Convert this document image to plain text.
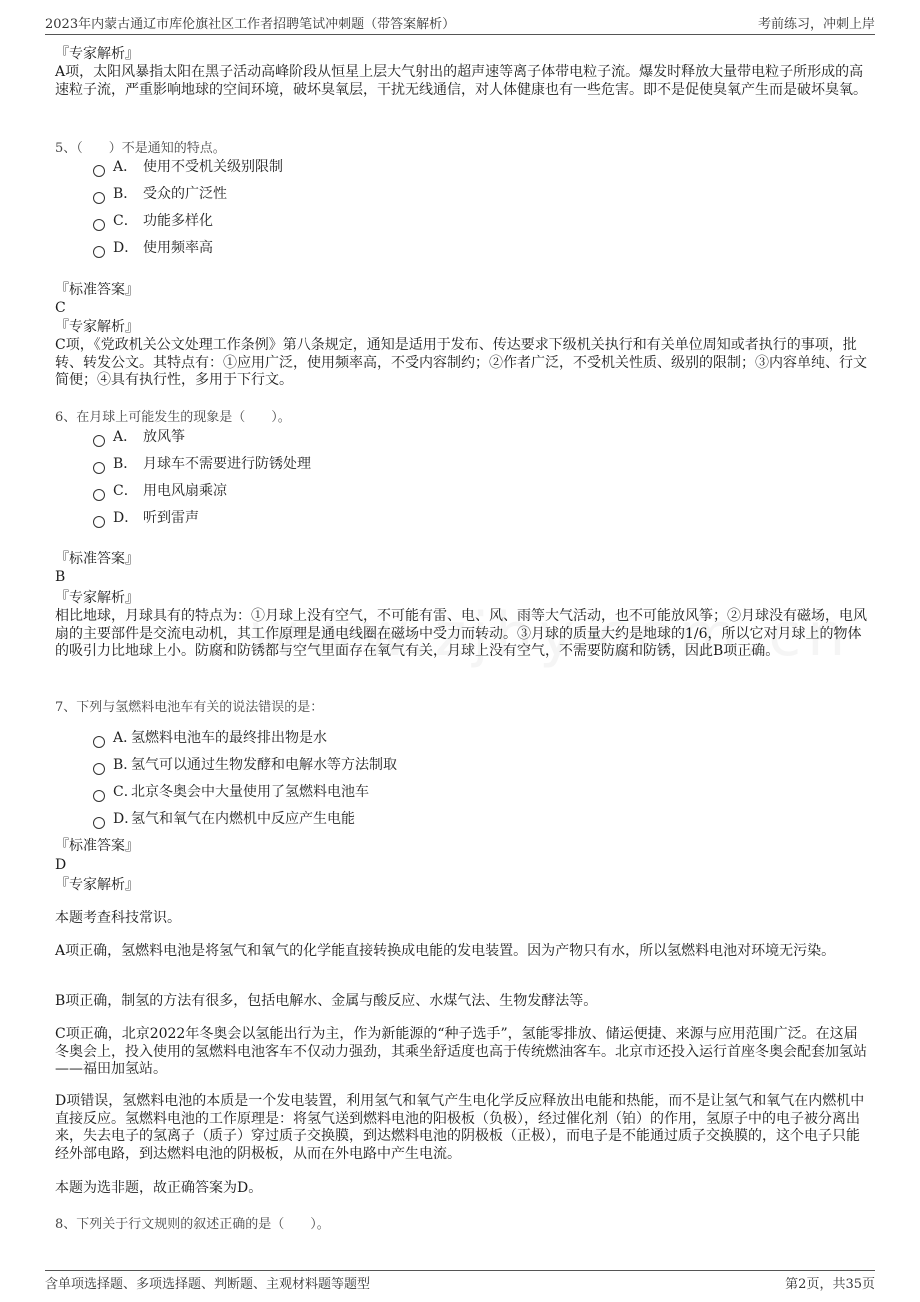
2023年内蒙古通辽市库伦旗社区工作者招聘笔试冲刺题（带答案解析）	考前练习，冲刺上岸
『专家解析』
A项，太阳风暴指太阳在黑子活动高峰阶段从恒星上层大气射出的超声速等离子体带电粒子流。爆发时释放大量带电粒子所形成的高速粒子流，严重影响地球的空间环境，破坏臭氧层，干扰无线通信，对人体健康也有一些危害。即不是促使臭氧产生而是破坏臭氧。
5、（　　）不是通知的特点。
A． 使用不受机关级别限制
B． 受众的广泛性
C． 功能多样化
D． 使用频率高
『标准答案』
C
『专家解析』
C项，《党政机关公文处理工作条例》第八条规定，通知是适用于发布、传达要求下级机关执行和有关单位周知或者执行的事项，批转、转发公文。其特点有：①应用广泛，使用频率高，不受内容制约；②作者广泛，不受机关性质、级别的限制；③内容单纯、行文简便；④具有执行性，多用于下行文。
6、在月球上可能发生的现象是（　　）。
A． 放风筝
B． 月球车不需要进行防锈处理
C． 用电风扇乘凉
D． 听到雷声
『标准答案』
B
『专家解析』
相比地球，月球具有的特点为：①月球上没有空气，不可能有雷、电、风、雨等大气活动，也不可能放风筝；②月球没有磁场，电风扇的主要部件是交流电动机，其工作原理是通电线圈在磁场中受力而转动。③月球的质量大约是地球的1/6，所以它对月球上的物体的吸引力比地球上小。防腐和防锈都与空气里面存在氧气有关，月球上没有空气，不需要防腐和防锈，因此B项正确。
7、下列与氢燃料电池车有关的说法错误的是：
A．氢燃料电池车的最终排出物是水
B．氢气可以通过生物发酵和电解水等方法制取
C．北京冬奥会中大量使用了氢燃料电池车
D．氢气和氧气在内燃机中反应产生电能
『标准答案』
D
『专家解析』
本题考查科技常识。
A项正确，氢燃料电池是将氢气和氧气的化学能直接转换成电能的发电装置。因为产物只有水，所以氢燃料电池对环境无污染。
B项正确，制氢的方法有很多，包括电解水、金属与酸反应、水煤气法、生物发酵法等。
C项正确，北京2022年冬奥会以氢能出行为主，作为新能源的“种子选手”，氢能零排放、储运便捷、来源与应用范围广泛。在这届冬奥会上，投入使用的氢燃料电池客车不仅动力强劲，其乘坐舒适度也高于传统燃油客车。北京市还投入运行首座冬奥会配套加氢站——福田加氢站。
D项错误，氢燃料电池的本质是一个发电装置，利用氢气和氧气产生电化学反应释放出电能和热能，而不是让氢气和氧气在内燃机中直接反应。氢燃料电池的工作原理是：将氢气送到燃料电池的阳极板（负极），经过催化剂（铂）的作用，氢原子中的电子被分离出来，失去电子的氢离子（质子）穿过质子交换膜，到达燃料电池的阴极板（正极），而电子是不能通过质子交换膜的，这个电子只能经外部电路，到达燃料电池的阴极板，从而在外电路中产生电流。
本题为选非题，故正确答案为D。
8、下列关于行文规则的叙述正确的是（　　）。
含单项选择题、多项选择题、判断题、主观材料题等题型	第2页，共35页
